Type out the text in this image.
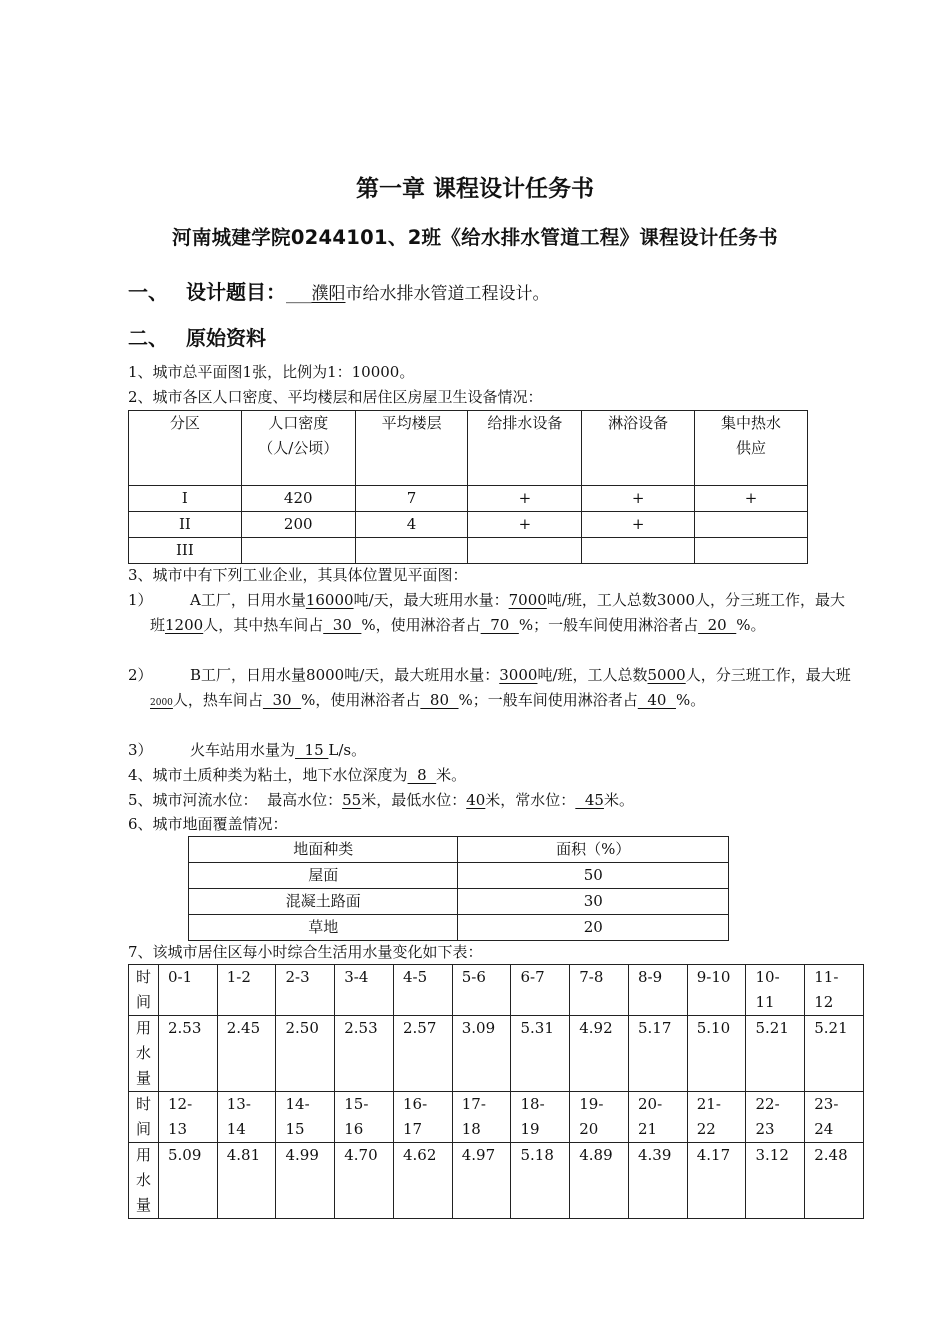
第一章 课程设计任务书
河南城建学院0244101、2班《给水排水管道工程》课程设计任务书
一、 设计题目：___濮阳市给水排水管道工程设计。
二、 原始资料
1、城市总平面图1张，比例为1：10000。
2、城市各区人口密度、平均楼层和居住区房屋卫生设备情况：
分区	人口密度（人/公顷）	平均楼层	给排水设备	淋浴设备	集中热水供应
I	420	7	+	+	+
II	200	4	+	+	
III					
3、城市中有下列工业企业，其具体位置见平面图：
1）	A工厂，日用水量16000吨/天，最大班用水量：7000吨/班，工人总数3000人，分三班工作，最大班1200人，其中热车间占  30  %，使用淋浴者占  70  %；一般车间使用淋浴者占  20  %。
2）	B工厂，日用水量8000吨/天，最大班用水量：3000吨/班，工人总数5000人，分三班工作，最大班2000人，热车间占  30  %，使用淋浴者占  80  %；一般车间使用淋浴者占  40  %。
3）	火车站用水量为  15 L/s。
4、城市土质种类为粘土，地下水位深度为  8  米。
5、城市河流水位：  最高水位：55米，最低水位：40米，常水位：  45米。
6、城市地面覆盖情况：
地面种类	面积（%）
屋面	50
混凝土路面	30
草地	20
7、该城市居住区每小时综合生活用水量变化如下表：
时
间	0-1	1-2	2-3	3-4	4-5	5-6	6-7	7-8	8-9	9-10	10-
11	11-
12
用
水
量	2.53	2.45	2.50	2.53	2.57	3.09	5.31	4.92	5.17	5.10	5.21	5.21
时
间	12-
13	13-
14	14-
15	15-
16	16-
17	17-
18	18-
19	19-
20	20-
21	21-
22	22-
23	23-
24
用
水
量	5.09	4.81	4.99	4.70	4.62	4.97	5.18	4.89	4.39	4.17	3.12	2.48
